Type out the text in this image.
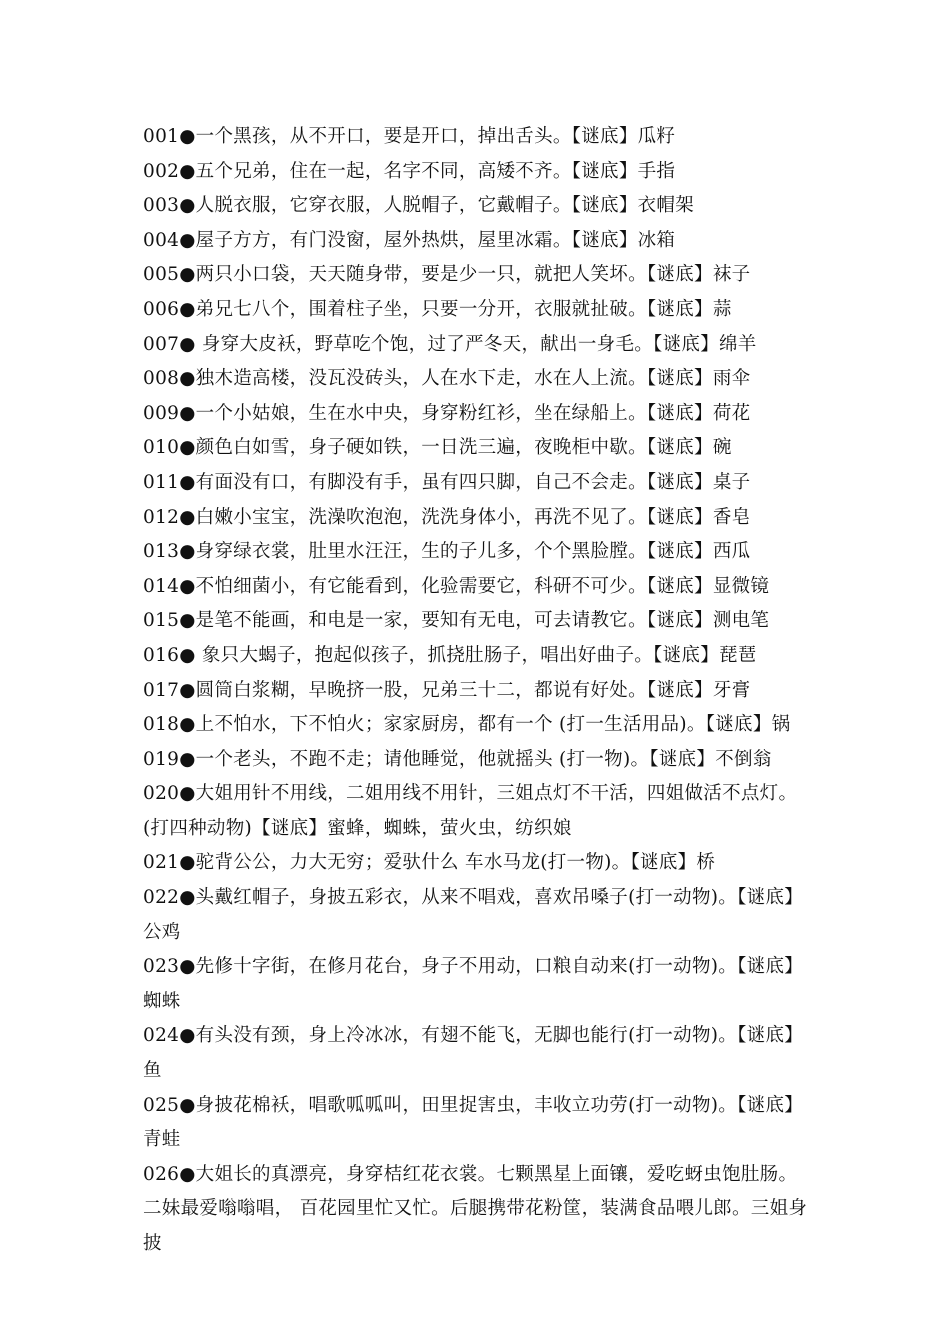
001●一个黑孩，从不开口，要是开口，掉出舌头。【谜底】瓜籽

002●五个兄弟，住在一起，名字不同，高矮不齐。【谜底】手指

003●人脱衣服，它穿衣服，人脱帽子，它戴帽子。【谜底】衣帽架

004●屋子方方，有门没窗，屋外热烘，屋里冰霜。【谜底】冰箱

005●两只小口袋，天天随身带，要是少一只，就把人笑坏。【谜底】袜子

006●弟兄七八个，围着柱子坐，只要一分开，衣服就扯破。【谜底】蒜

007● 身穿大皮袄，野草吃个饱，过了严冬天，献出一身毛。【谜底】绵羊

008●独木造高楼，没瓦没砖头，人在水下走，水在人上流。【谜底】雨伞

009●一个小姑娘，生在水中央，身穿粉红衫，坐在绿船上。【谜底】荷花

010●颜色白如雪，身子硬如铁，一日洗三遍，夜晚柜中歇。【谜底】碗

011●有面没有口，有脚没有手，虽有四只脚，自己不会走。【谜底】桌子

012●白嫩小宝宝，洗澡吹泡泡，洗洗身体小，再洗不见了。【谜底】香皂

013●身穿绿衣裳，肚里水汪汪，生的子儿多，个个黑脸膛。【谜底】西瓜

014●不怕细菌小，有它能看到，化验需要它，科研不可少。【谜底】显微镜

015●是笔不能画，和电是一家，要知有无电，可去请教它。【谜底】测电笔

016● 象只大蝎子，抱起似孩子，抓挠肚肠子，唱出好曲子。【谜底】琵琶

017●圆筒白浆糊，早晚挤一股，兄弟三十二，都说有好处。【谜底】牙膏

018●上不怕水，下不怕火；家家厨房，都有一个 (打一生活用品)。【谜底】锅

019●一个老头，不跑不走；请他睡觉，他就摇头 (打一物)。【谜底】不倒翁

020●大姐用针不用线，二姐用线不用针，三姐点灯不干活，四姐做活不点灯。(打四种动物)【谜底】蜜蜂，蜘蛛，萤火虫，纺织娘

021●驼背公公，力大无穷；爱驮什么 车水马龙(打一物)。【谜底】桥

022●头戴红帽子，身披五彩衣，从来不唱戏，喜欢吊嗓子(打一动物)。【谜底】公鸡

023●先修十字街，在修月花台，身子不用动，口粮自动来(打一动物)。【谜底】蜘蛛

024●有头没有颈，身上冷冰冰，有翅不能飞，无脚也能行(打一动物)。【谜底】鱼

025●身披花棉袄，唱歌呱呱叫，田里捉害虫，丰收立功劳(打一动物)。【谜底】青蛙

026●大姐长的真漂亮，身穿桔红花衣裳。七颗黑星上面镶，爱吃蚜虫饱肚肠。二妹最爱嗡嗡唱， 百花园里忙又忙。后腿携带花粉筐，装满食品喂儿郎。三姐身披
